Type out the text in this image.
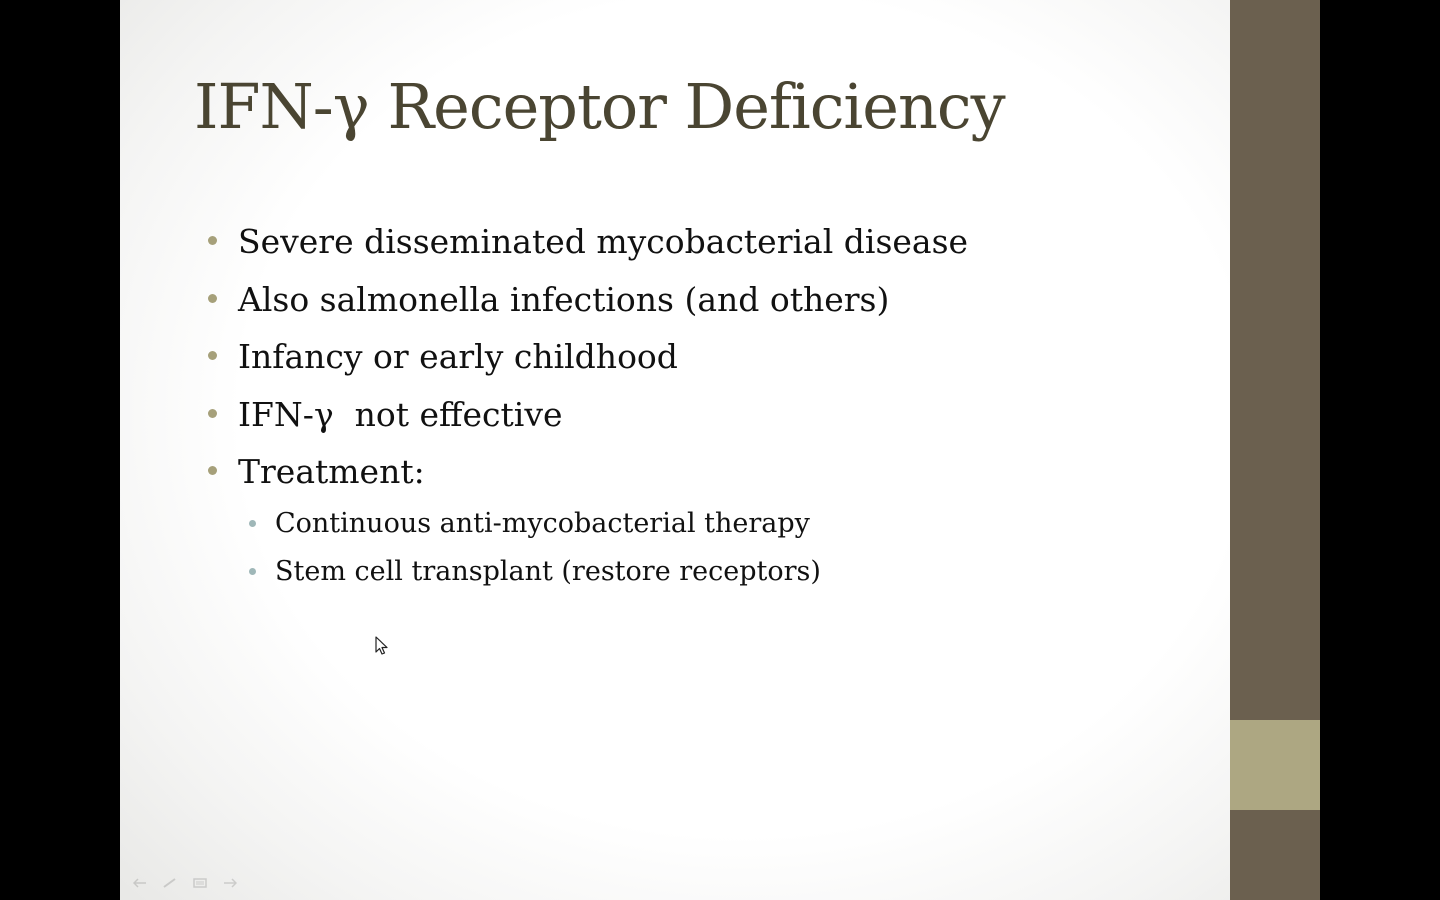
IFN-γ Receptor Deficiency
Severe disseminated mycobacterial disease
Also salmonella infections (and others)
Infancy or early childhood
IFN-γ  not effective
Treatment:
Continuous anti-mycobacterial therapy
Stem cell transplant (restore receptors)
